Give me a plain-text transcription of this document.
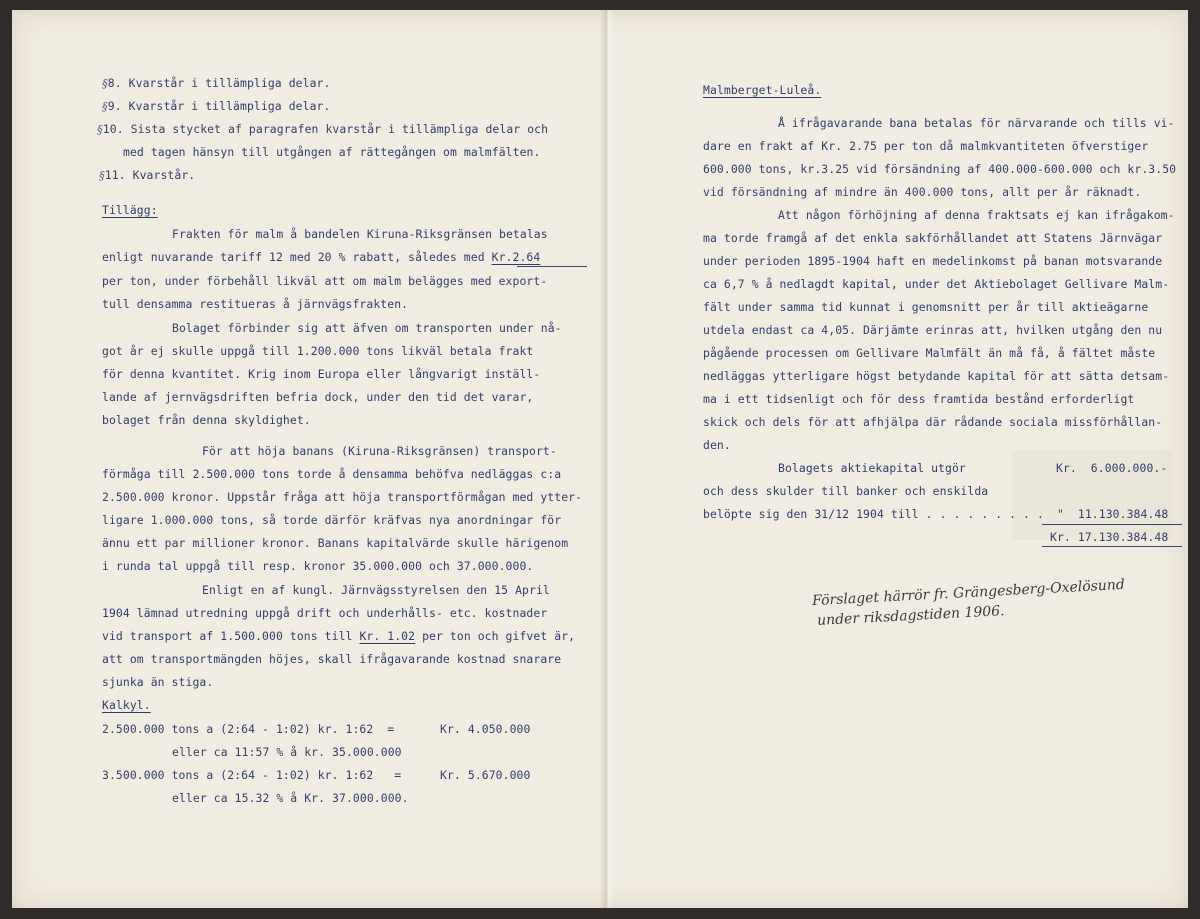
§8. Kvarstår i tillämpliga delar.
§9. Kvarstår i tillämpliga delar.
§10. Sista stycket af paragrafen kvarstår i tillämpliga delar och
med tagen hänsyn till utgången af rättegången om malmfälten.
§11. Kvarstår.
Tillägg:
Frakten för malm å bandelen Kiruna-Riksgränsen betalas
enligt nuvarande tariff 12 med 20 % rabatt, således med Kr.2.64
per ton, under förbehåll likväl att om malm belägges med export-
tull densamma restitueras å järnvägsfrakten.
Bolaget förbinder sig att äfven om transporten under nå-
got år ej skulle uppgå till 1.200.000 tons likväl betala frakt
för denna kvantitet. Krig inom Europa eller långvarigt inställ-
lande af jernvägsdriften befria dock, under den tid det varar,
bolaget från denna skyldighet.
För att höja banans (Kiruna-Riksgränsen) transport-
förmåga till 2.500.000 tons torde å densamma behöfva nedläggas c:a
2.500.000 kronor. Uppstår fråga att höja transportförmågan med ytter-
ligare 1.000.000 tons, så torde därför kräfvas nya anordningar för
ännu ett par millioner kronor. Banans kapitalvärde skulle härigenom
i runda tal uppgå till resp. kronor 35.000.000 och 37.000.000.
Enligt en af kungl. Järnvägsstyrelsen den 15 April
1904 lämnad utredning uppgå drift och underhålls- etc. kostnader
vid transport af 1.500.000 tons till Kr. 1.02 per ton och gifvet är,
att om transportmängden höjes, skall ifrågavarande kostnad snarare
sjunka än stiga.
Kalkyl.
2.500.000 tons a (2:64 - 1:02) kr. 1:62  =	Kr. 4.050.000
eller ca 11:57 % å kr. 35.000.000
3.500.000 tons a (2:64 - 1:02) kr. 1:62   =	Kr. 5.670.000
eller ca 15.32 % å Kr. 37.000.000.
Malmberget-Luleå.
Å ifrågavarande bana betalas för närvarande och tills vi-
dare en frakt af Kr. 2.75 per ton då malmkvantiteten öfverstiger
600.000 tons, kr.3.25 vid försändning af 400.000-600.000 och kr.3.50
vid försändning af mindre än 400.000 tons, allt per år räknadt.
Att någon förhöjning af denna fraktsats ej kan ifrågakom-
ma torde framgå af det enkla sakförhållandet att Statens Järnvägar
under perioden 1895-1904 haft en medelinkomst på banan motsvarande
ca 6,7 % å nedlagdt kapital, under det Aktiebolaget Gellivare Malm-
fält under samma tid kunnat i genomsnitt per år till aktieägarne
utdela endast ca 4,05. Därjämte erinras att, hvilken utgång den nu
pågående processen om Gellivare Malmfält än må få, å fältet måste
nedläggas ytterligare högst betydande kapital för att sätta detsam-
ma i ett tidsenligt och för dess framtida bestånd erforderligt
skick och dels för att afhjälpa där rådande sociala missförhållan-
den.
Bolagets aktiekapital utgör	Kr.  6.000.000.-
och dess skulder till banker och enskilda
belöpte sig den 31/12 1904 till . . . . . . . . . "  11.130.384.48
Kr. 17.130.384.48
Förslaget härrör fr. Grängesberg-Oxelösund
under riksdagstiden 1906.
